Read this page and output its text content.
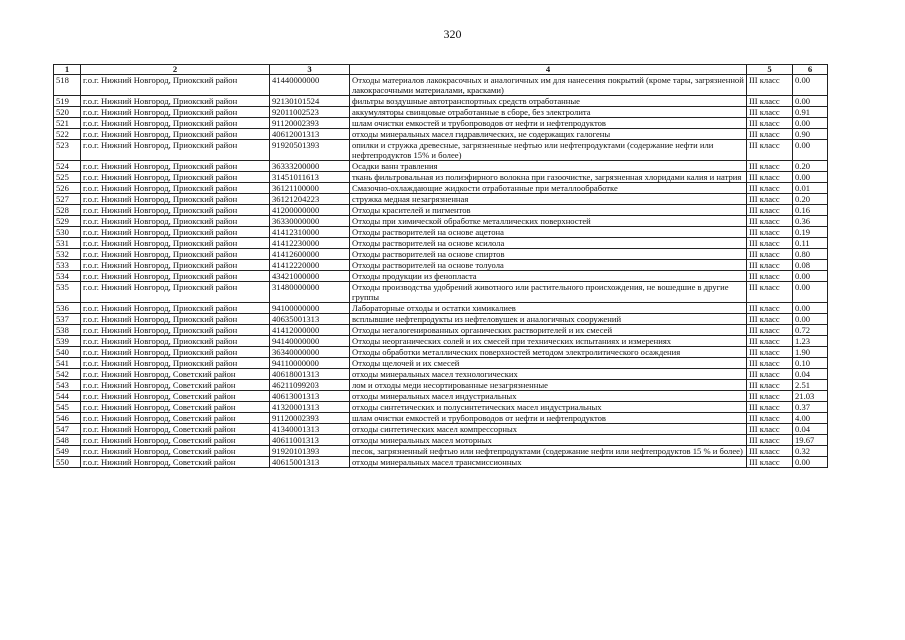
320
1	2	3	4	5	6
518	г.о.г. Нижний Новгород, Приокский район	41440000000	Отходы материалов лакокрасочных и аналогичных им для нанесения покрытий (кроме тары, загрязненной лакокрасочными материалами, красками)	III класс	0.00
519	г.о.г. Нижний Новгород, Приокский район	92130101524	фильтры воздушные автотранспортных средств отработанные	III класс	0.00
520	г.о.г. Нижний Новгород, Приокский район	92011002523	аккумуляторы свинцовые отработанные в сборе, без электролита	III класс	0.91
521	г.о.г. Нижний Новгород, Приокский район	91120002393	шлам очистки емкостей и трубопроводов от нефти и нефтепродуктов	III класс	0.00
522	г.о.г. Нижний Новгород, Приокский район	40612001313	отходы минеральных масел гидравлических, не содержащих галогены	III класс	0.90
523	г.о.г. Нижний Новгород, Приокский район	91920501393	опилки и стружка древесные, загрязненные нефтью или нефтепродуктами (содержание нефти или нефтепродуктов 15% и более)	III класс	0.00
524	г.о.г. Нижний Новгород, Приокский район	36333200000	Осадки ванн травления	III класс	0.20
525	г.о.г. Нижний Новгород, Приокский район	31451011613	ткань фильтровальная из полиэфирного волокна при газоочистке, загрязненная хлоридами калия и натрия	III класс	0.00
526	г.о.г. Нижний Новгород, Приокский район	36121100000	Смазочно-охлаждающие жидкости отработанные при металлообработке	III класс	0.01
527	г.о.г. Нижний Новгород, Приокский район	36121204223	стружка медная незагрязненная	III класс	0.20
528	г.о.г. Нижний Новгород, Приокский район	41200000000	Отходы красителей и пигментов	III класс	0.16
529	г.о.г. Нижний Новгород, Приокский район	36330000000	Отходы при химической обработке металлических поверхностей	III класс	0.36
530	г.о.г. Нижний Новгород, Приокский район	41412310000	Отходы растворителей на основе ацетона	III класс	0.19
531	г.о.г. Нижний Новгород, Приокский район	41412230000	Отходы растворителей на основе ксилола	III класс	0.11
532	г.о.г. Нижний Новгород, Приокский район	41412600000	Отходы растворителей на основе спиртов	III класс	0.80
533	г.о.г. Нижний Новгород, Приокский район	41412220000	Отходы растворителей на основе толуола	III класс	0.08
534	г.о.г. Нижний Новгород, Приокский район	43421000000	Отходы продукции из фенопласта	III класс	0.00
535	г.о.г. Нижний Новгород, Приокский район	31480000000	Отходы производства удобрений животного или растительного происхождения, не вошедшие в другие группы	III класс	0.00
536	г.о.г. Нижний Новгород, Приокский район	94100000000	Лабораторные отходы и остатки химикалиев	III класс	0.00
537	г.о.г. Нижний Новгород, Приокский район	40635001313	всплывшие нефтепродукты из нефтеловушек и аналогичных сооружений	III класс	0.00
538	г.о.г. Нижний Новгород, Приокский район	41412000000	Отходы негалогенированных органических растворителей и их смесей	III класс	0.72
539	г.о.г. Нижний Новгород, Приокский район	94140000000	Отходы неорганических солей и их смесей при технических испытаниях и измерениях	III класс	1.23
540	г.о.г. Нижний Новгород, Приокский район	36340000000	Отходы обработки металлических поверхностей методом электролитического осаждения	III класс	1.90
541	г.о.г. Нижний Новгород, Приокский район	94110000000	Отходы щелочей и их смесей	III класс	0.10
542	г.о.г. Нижний Новгород, Советский район	40618001313	отходы минеральных масел технологических	III класс	0.04
543	г.о.г. Нижний Новгород, Советский район	46211099203	лом и отходы меди несортированные незагрязненные	III класс	2.51
544	г.о.г. Нижний Новгород, Советский район	40613001313	отходы минеральных масел индустриальных	III класс	21.03
545	г.о.г. Нижний Новгород, Советский район	41320001313	отходы синтетических и полусинтетических масел индустриальных	III класс	0.37
546	г.о.г. Нижний Новгород, Советский район	91120002393	шлам очистки емкостей и трубопроводов от нефти и нефтепродуктов	III класс	4.00
547	г.о.г. Нижний Новгород, Советский район	41340001313	отходы синтетических масел компрессорных	III класс	0.04
548	г.о.г. Нижний Новгород, Советский район	40611001313	отходы минеральных масел моторных	III класс	19.67
549	г.о.г. Нижний Новгород, Советский район	91920101393	песок, загрязненный нефтью или нефтепродуктами (содержание нефти или нефтепродуктов 15 % и более)	III класс	0.32
550	г.о.г. Нижний Новгород, Советский район	40615001313	отходы минеральных масел трансмиссионных	III класс	0.00
